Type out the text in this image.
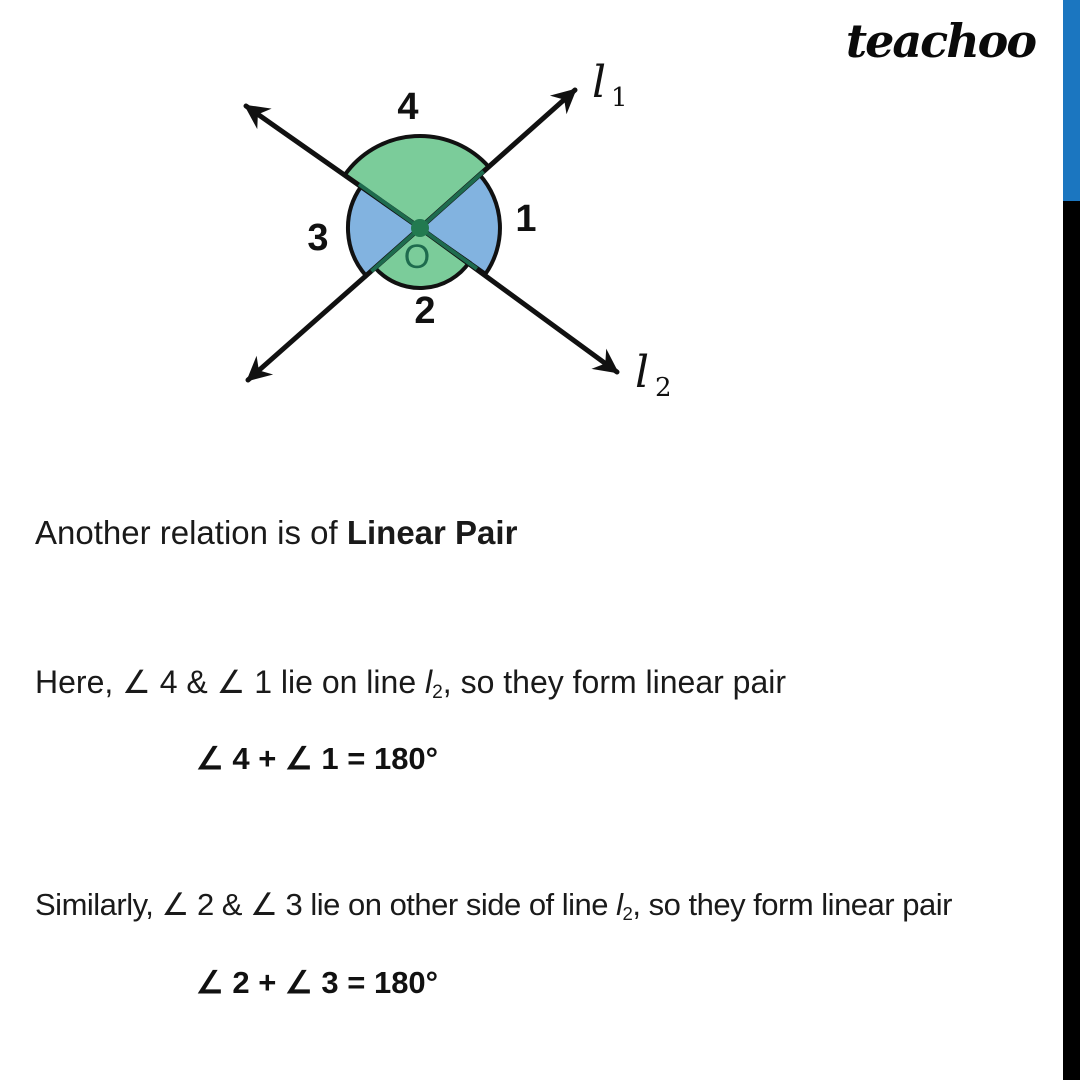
teachoo
4
1
3
2
O
l 1
l 2
Another relation is of Linear Pair
Here, ∠ 4 & ∠ 1 lie on line l2, so they form linear pair
∠ 4 + ∠ 1 = 180°
Similarly, ∠ 2 & ∠ 3 lie on other side of line l2, so they form linear pair
∠ 2 + ∠ 3 = 180°
